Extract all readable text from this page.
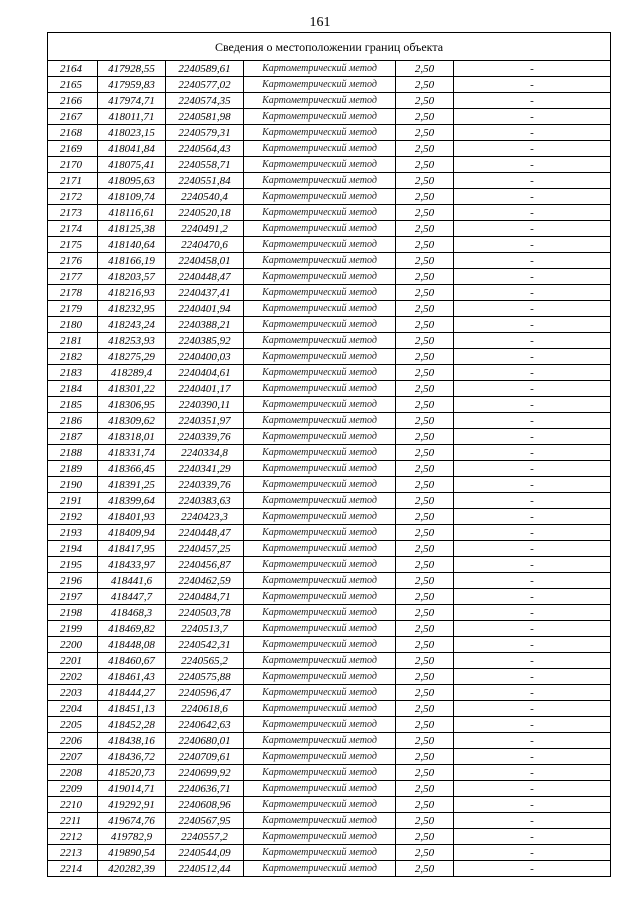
161
Сведения о местоположении границ объекта					
2164	417928,55	2240589,61	Картометрический метод	2,50	-
2165	417959,83	2240577,02	Картометрический метод	2,50	-
2166	417974,71	2240574,35	Картометрический метод	2,50	-
2167	418011,71	2240581,98	Картометрический метод	2,50	-
2168	418023,15	2240579,31	Картометрический метод	2,50	-
2169	418041,84	2240564,43	Картометрический метод	2,50	-
2170	418075,41	2240558,71	Картометрический метод	2,50	-
2171	418095,63	2240551,84	Картометрический метод	2,50	-
2172	418109,74	2240540,4	Картометрический метод	2,50	-
2173	418116,61	2240520,18	Картометрический метод	2,50	-
2174	418125,38	2240491,2	Картометрический метод	2,50	-
2175	418140,64	2240470,6	Картометрический метод	2,50	-
2176	418166,19	2240458,01	Картометрический метод	2,50	-
2177	418203,57	2240448,47	Картометрический метод	2,50	-
2178	418216,93	2240437,41	Картометрический метод	2,50	-
2179	418232,95	2240401,94	Картометрический метод	2,50	-
2180	418243,24	2240388,21	Картометрический метод	2,50	-
2181	418253,93	2240385,92	Картометрический метод	2,50	-
2182	418275,29	2240400,03	Картометрический метод	2,50	-
2183	418289,4	2240404,61	Картометрический метод	2,50	-
2184	418301,22	2240401,17	Картометрический метод	2,50	-
2185	418306,95	2240390,11	Картометрический метод	2,50	-
2186	418309,62	2240351,97	Картометрический метод	2,50	-
2187	418318,01	2240339,76	Картометрический метод	2,50	-
2188	418331,74	2240334,8	Картометрический метод	2,50	-
2189	418366,45	2240341,29	Картометрический метод	2,50	-
2190	418391,25	2240339,76	Картометрический метод	2,50	-
2191	418399,64	2240383,63	Картометрический метод	2,50	-
2192	418401,93	2240423,3	Картометрический метод	2,50	-
2193	418409,94	2240448,47	Картометрический метод	2,50	-
2194	418417,95	2240457,25	Картометрический метод	2,50	-
2195	418433,97	2240456,87	Картометрический метод	2,50	-
2196	418441,6	2240462,59	Картометрический метод	2,50	-
2197	418447,7	2240484,71	Картометрический метод	2,50	-
2198	418468,3	2240503,78	Картометрический метод	2,50	-
2199	418469,82	2240513,7	Картометрический метод	2,50	-
2200	418448,08	2240542,31	Картометрический метод	2,50	-
2201	418460,67	2240565,2	Картометрический метод	2,50	-
2202	418461,43	2240575,88	Картометрический метод	2,50	-
2203	418444,27	2240596,47	Картометрический метод	2,50	-
2204	418451,13	2240618,6	Картометрический метод	2,50	-
2205	418452,28	2240642,63	Картометрический метод	2,50	-
2206	418438,16	2240680,01	Картометрический метод	2,50	-
2207	418436,72	2240709,61	Картометрический метод	2,50	-
2208	418520,73	2240699,92	Картометрический метод	2,50	-
2209	419014,71	2240636,71	Картометрический метод	2,50	-
2210	419292,91	2240608,96	Картометрический метод	2,50	-
2211	419674,76	2240567,95	Картометрический метод	2,50	-
2212	419782,9	2240557,2	Картометрический метод	2,50	-
2213	419890,54	2240544,09	Картометрический метод	2,50	-
2214	420282,39	2240512,44	Картометрический метод	2,50	-
